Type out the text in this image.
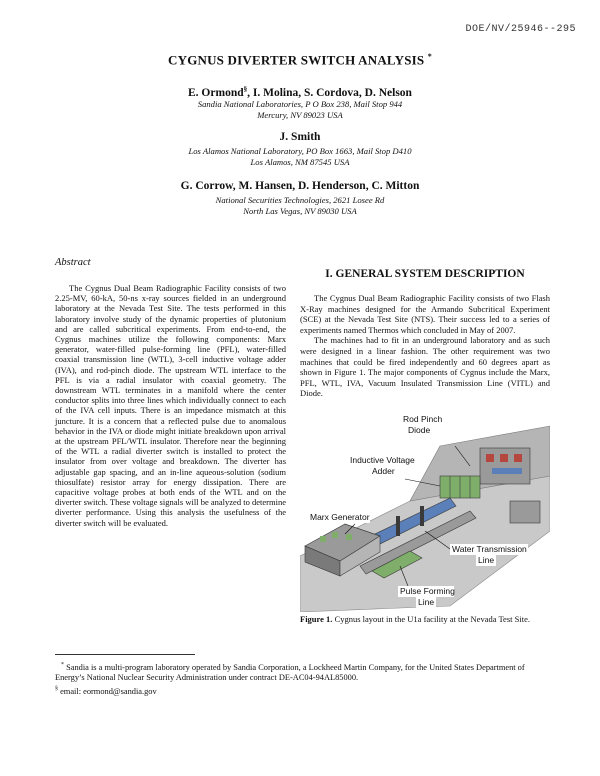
DOE/NV/25946--295
CYGNUS DIVERTER SWITCH ANALYSIS *
E. Ormond§, I. Molina, S. Cordova, D. Nelson
Sandia National Laboratories, P O Box 238, Mail Stop 944
Mercury, NV 89023 USA
J. Smith
Los Alamos National Laboratory, PO Box 1663, Mail Stop D410
Los Alamos, NM 87545 USA
G. Corrow, M. Hansen, D. Henderson, C. Mitton
National Securities Technologies, 2621 Losee Rd
North Las Vegas, NV 89030 USA
Abstract

The Cygnus Dual Beam Radiographic Facility consists of two 2.25-MV, 60-kA, 50-ns x-ray sources fielded in an underground laboratory at the Nevada Test Site. The tests performed in this laboratory involve study of the dynamic properties of plutonium and are called subcritical experiments. From end-to-end, the Cygnus machines utilize the following components: Marx generator, water-filled pulse-forming line (PFL), water-filled coaxial transmission line (WTL), 3-cell inductive voltage adder (IVA), and rod-pinch diode. The upstream WTL interface to the PFL is via a radial insulator with coaxial geometry. The downstream WTL terminates in a manifold where the center conductor splits into three lines which individually connect to each of the IVA cell inputs. There is an impedance mismatch at this juncture. It is a concern that a reflected pulse due to anomalous behavior in the IVA or diode might initiate breakdown upon arrival at the upstream PFL/WTL insulator. Therefore near the beginning of the WTL a radial diverter switch is installed to protect the insulator from over voltage and breakdown. The diverter has adjustable gap spacing, and an in-line aqueous-solution (sodium thiosulfate) resistor array for energy dissipation. There are capacitive voltage probes at both ends of the WTL and on the diverter switch. These voltage signals will be analyzed to determine diverter performance. Using this analysis the usefulness of the diverter switch will be evaluated.

I. GENERAL SYSTEM DESCRIPTION

The Cygnus Dual Beam Radiographic Facility consists of two Flash X-Ray machines designed for the Armando Subcritical Experiment (SCE) at the Nevada Test Site (NTS). Their success led to a series of experiments named Thermos which concluded in May of 2007.

The machines had to fit in an underground laboratory and as such were designed in a linear fashion. The other requirement was two machines that could be fired independently and 60 degrees apart as shown in Figure 1. The major components of Cygnus include the Marx, PFL, WTL, IVA, Vacuum Insulated Transmission Line (VITL) and Diode.

Rod Pinch
Diode
Inductive Voltage
Adder
Marx Generator
Water Transmission
Line
Pulse Forming
Line
Figure 1. Cygnus layout in the U1a facility at the Nevada Test Site.

* Sandia is a multi-program laboratory operated by Sandia Corporation, a Lockheed Martin Company, for the United States Department of Energy’s National Nuclear Security Administration under contract DE-AC04-94AL85000.

§ email: eormond@sandia.gov
